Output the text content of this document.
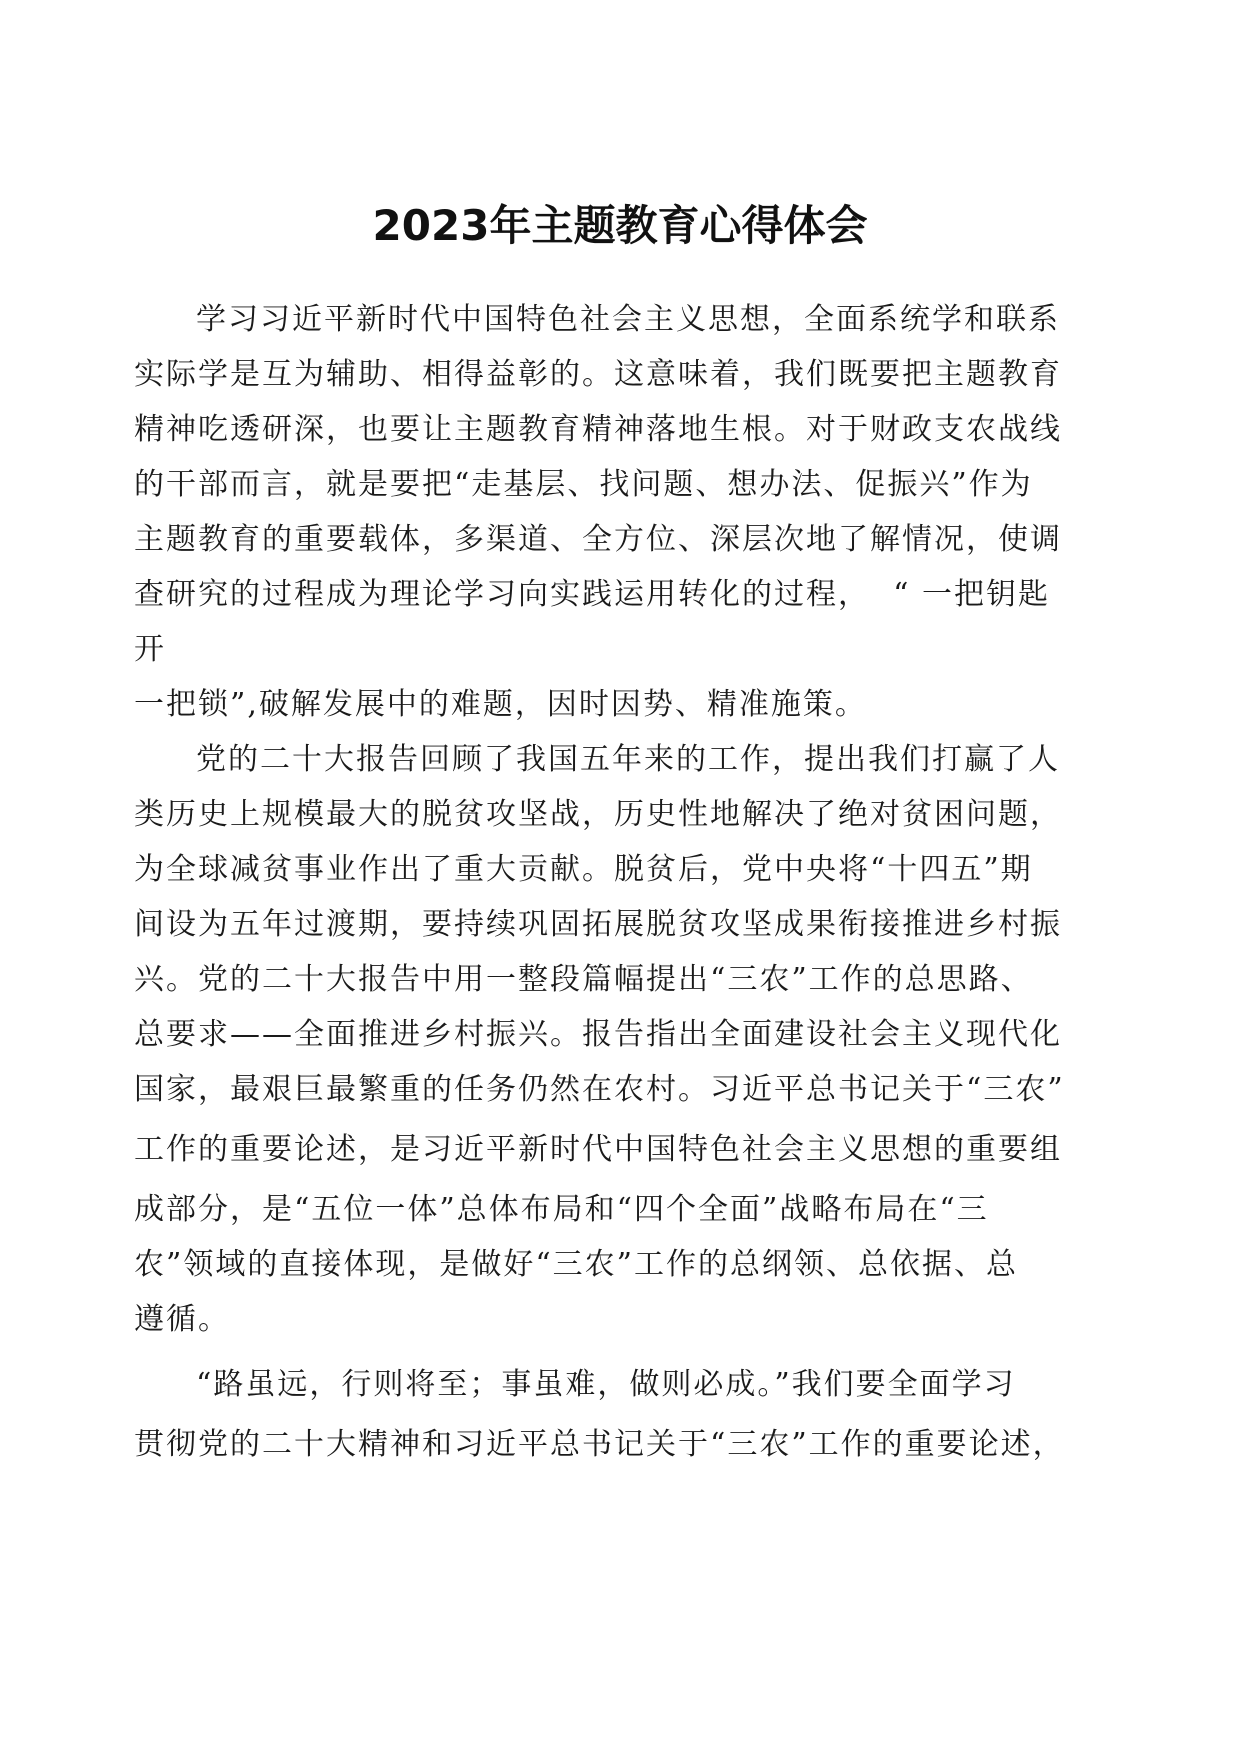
2023年主题教育心得体会
学习习近平新时代中国特色社会主义思想，全面系统学和联系
实际学是互为辅助、相得益彰的。这意味着，我们既要把主题教育
精神吃透研深，也要让主题教育精神落地生根。对于财政支农战线
的干部而言，就是要把“走基层、找问题、想办法、促振兴”作为
主题教育的重要载体，多渠道、全方位、深层次地了解情况，使调
查研究的过程成为理论学习向实践运用转化的过程，  “ 一把钥匙
开
一把锁”,破解发展中的难题，因时因势、精准施策。
党的二十大报告回顾了我国五年来的工作，提出我们打赢了人
类历史上规模最大的脱贫攻坚战，历史性地解决了绝对贫困问题，
为全球减贫事业作出了重大贡献。脱贫后，党中央将“十四五”期
间设为五年过渡期，要持续巩固拓展脱贫攻坚成果衔接推进乡村振
兴。党的二十大报告中用一整段篇幅提出“三农”工作的总思路、
总要求——全面推进乡村振兴。报告指出全面建设社会主义现代化
国家，最艰巨最繁重的任务仍然在农村。习近平总书记关于“三农”
工作的重要论述，是习近平新时代中国特色社会主义思想的重要组
成部分，是“五位一体”总体布局和“四个全面”战略布局在“三
农”领域的直接体现，是做好“三农”工作的总纲领、总依据、总
遵循。
“路虽远，行则将至；事虽难，做则必成。”我们要全面学习
贯彻党的二十大精神和习近平总书记关于“三农”工作的重要论述，
